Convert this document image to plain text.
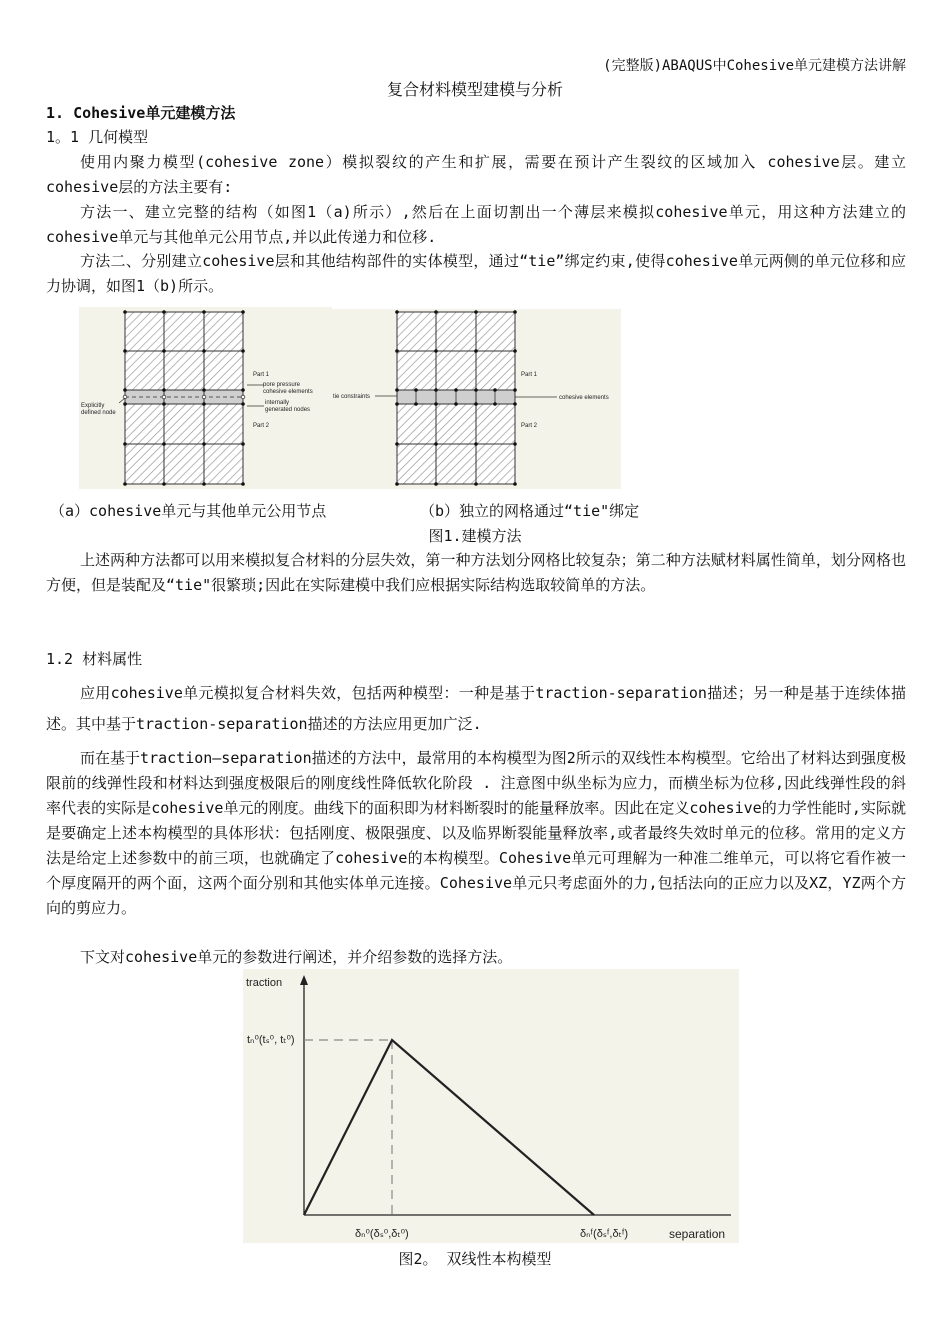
(完整版)ABAQUS中Cohesive单元建模方法讲解
复合材料模型建模与分析
1. Cohesive单元建模方法
1。1 几何模型
使用内聚力模型(cohesive zone）模拟裂纹的产生和扩展，需要在预计产生裂纹的区域加入 cohesive层。建立cohesive层的方法主要有:
方法一、建立完整的结构（如图1（a)所示）,然后在上面切割出一个薄层来模拟cohesive单元，用这种方法建立的cohesive单元与其他单元公用节点,并以此传递力和位移.
方法二、分别建立cohesive层和其他结构部件的实体模型，通过“tie”绑定约束,使得cohesive单元两侧的单元位移和应力协调，如图1（b)所示。
Part 1
pore pressure
cohesive elements
internally
generated nodes
Explicitly
defined node
Part 2
tie constraints
Part 1
cohesive elements
Part 2
（a）cohesive单元与其他单元公用节点	（b）独立的网格通过“tie"绑定
图1.建模方法
上述两种方法都可以用来模拟复合材料的分层失效，第一种方法划分网格比较复杂；第二种方法赋材料属性简单，划分网格也方便，但是装配及“tie"很繁琐;因此在实际建模中我们应根据实际结构选取较简单的方法。
1.2 材料属性
应用cohesive单元模拟复合材料失效，包括两种模型：一种是基于traction-separation描述；另一种是基于连续体描述。其中基于traction-separation描述的方法应用更加广泛.
而在基于traction—separation描述的方法中，最常用的本构模型为图2所示的双线性本构模型。它给出了材料达到强度极限前的线弹性段和材料达到强度极限后的刚度线性降低软化阶段 . 注意图中纵坐标为应力，而横坐标为位移,因此线弹性段的斜率代表的实际是cohesive单元的刚度。曲线下的面积即为材料断裂时的能量释放率。因此在定义cohesive的力学性能时,实际就是要确定上述本构模型的具体形状：包括刚度、极限强度、以及临界断裂能量释放率,或者最终失效时单元的位移。常用的定义方法是给定上述参数中的前三项，也就确定了cohesive的本构模型。Cohesive单元可理解为一种准二维单元，可以将它看作被一个厚度隔开的两个面，这两个面分别和其他实体单元连接。Cohesive单元只考虑面外的力,包括法向的正应力以及XZ，YZ两个方向的剪应力。
下文对cohesive单元的参数进行阐述，并介绍参数的选择方法。
traction
tₙ⁰(tₛ⁰, tₜ⁰)
δₙ⁰(δₛ⁰,δₜ⁰)	δₙᶠ(δₛᶠ,δₜᶠ)	separation
图2。 双线性本构模型
